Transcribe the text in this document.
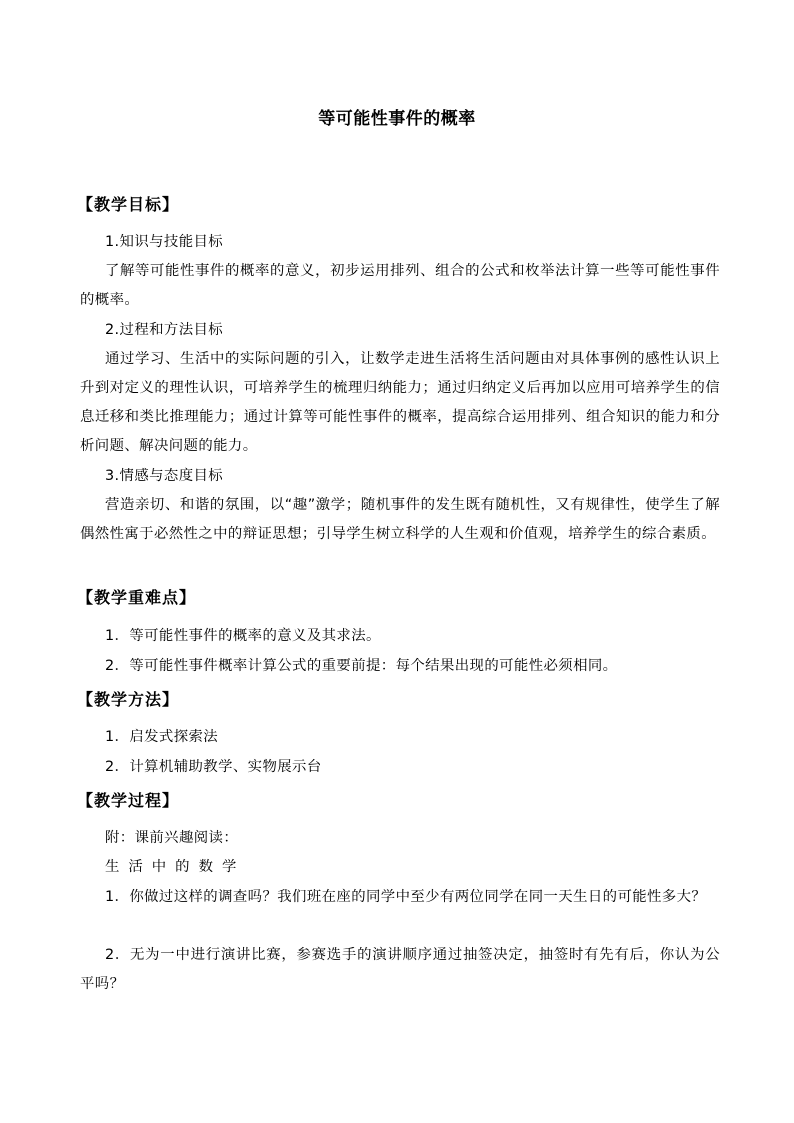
等可能性事件的概率
【教学目标】
1.知识与技能目标
了解等可能性事件的概率的意义，初步运用排列、组合的公式和枚举法计算一些等可能性事件的概率。
2.过程和方法目标
通过学习、生活中的实际问题的引入，让数学走进生活将生活问题由对具体事例的感性认识上升到对定义的理性认识，可培养学生的梳理归纳能力；通过归纳定义后再加以应用可培养学生的信息迁移和类比推理能力；通过计算等可能性事件的概率，提高综合运用排列、组合知识的能力和分析问题、解决问题的能力。
3.情感与态度目标
营造亲切、和谐的氛围，以“趣”激学；随机事件的发生既有随机性，又有规律性，使学生了解偶然性寓于必然性之中的辩证思想；引导学生树立科学的人生观和价值观，培养学生的综合素质。
【教学重难点】
1．等可能性事件的概率的意义及其求法。
2．等可能性事件概率计算公式的重要前提：每个结果出现的可能性必须相同。
【教学方法】
1．启发式探索法
2．计算机辅助教学、实物展示台
【教学过程】
附：课前兴趣阅读：
生活中的数学
1．你做过这样的调查吗？我们班在座的同学中至少有两位同学在同一天生日的可能性多大？
2．无为一中进行演讲比赛，参赛选手的演讲顺序通过抽签决定，抽签时有先有后，你认为公平吗？
